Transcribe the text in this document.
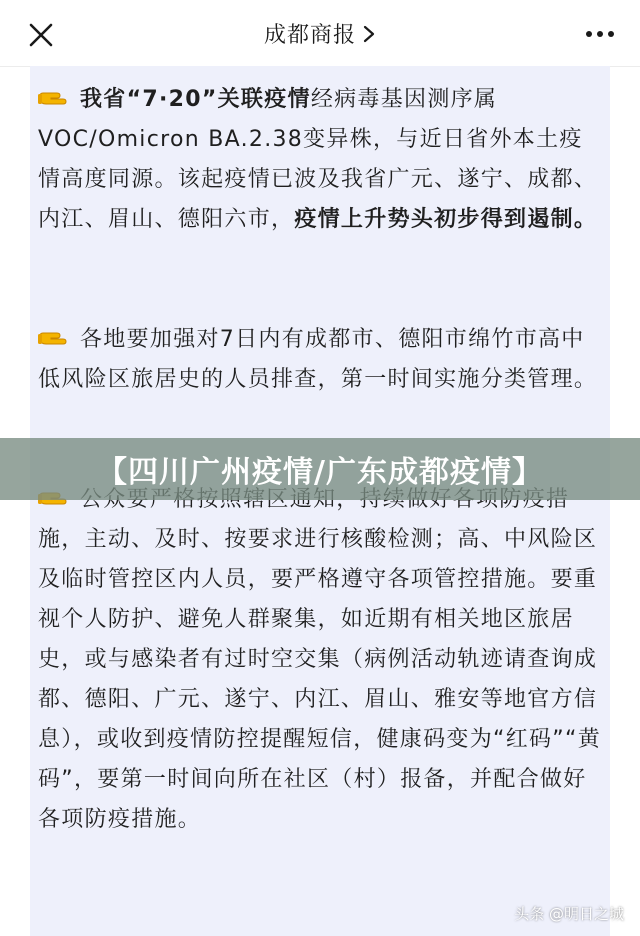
成都商报
我省“7·20”关联疫情经病毒基因测序属VOC/Omicron BA.2.38变异株，与近日省外本土疫情高度同源。该起疫情已波及我省广元、遂宁、成都、内江、眉山、德阳六市，疫情上升势头初步得到遏制。
各地要加强对7日内有成都市、德阳市绵竹市高中低风险区旅居史的人员排查，第一时间实施分类管理。
施，主动、及时、按要求进行核酸检测；高、中风险区及临时管控区内人员，要严格遵守各项管控措施。要重视个人防护、避免人群聚集，如近期有相关地区旅居史，或与感染者有过时空交集（病例活动轨迹请查询成都、德阳、广元、遂宁、内江、眉山、雅安等地官方信息），或收到疫情防控提醒短信，健康码变为“红码”“黄码”，要第一时间向所在社区（村）报备，并配合做好各项防疫措施。
【四川广州疫情/广东成都疫情】
头条 @明日之城
